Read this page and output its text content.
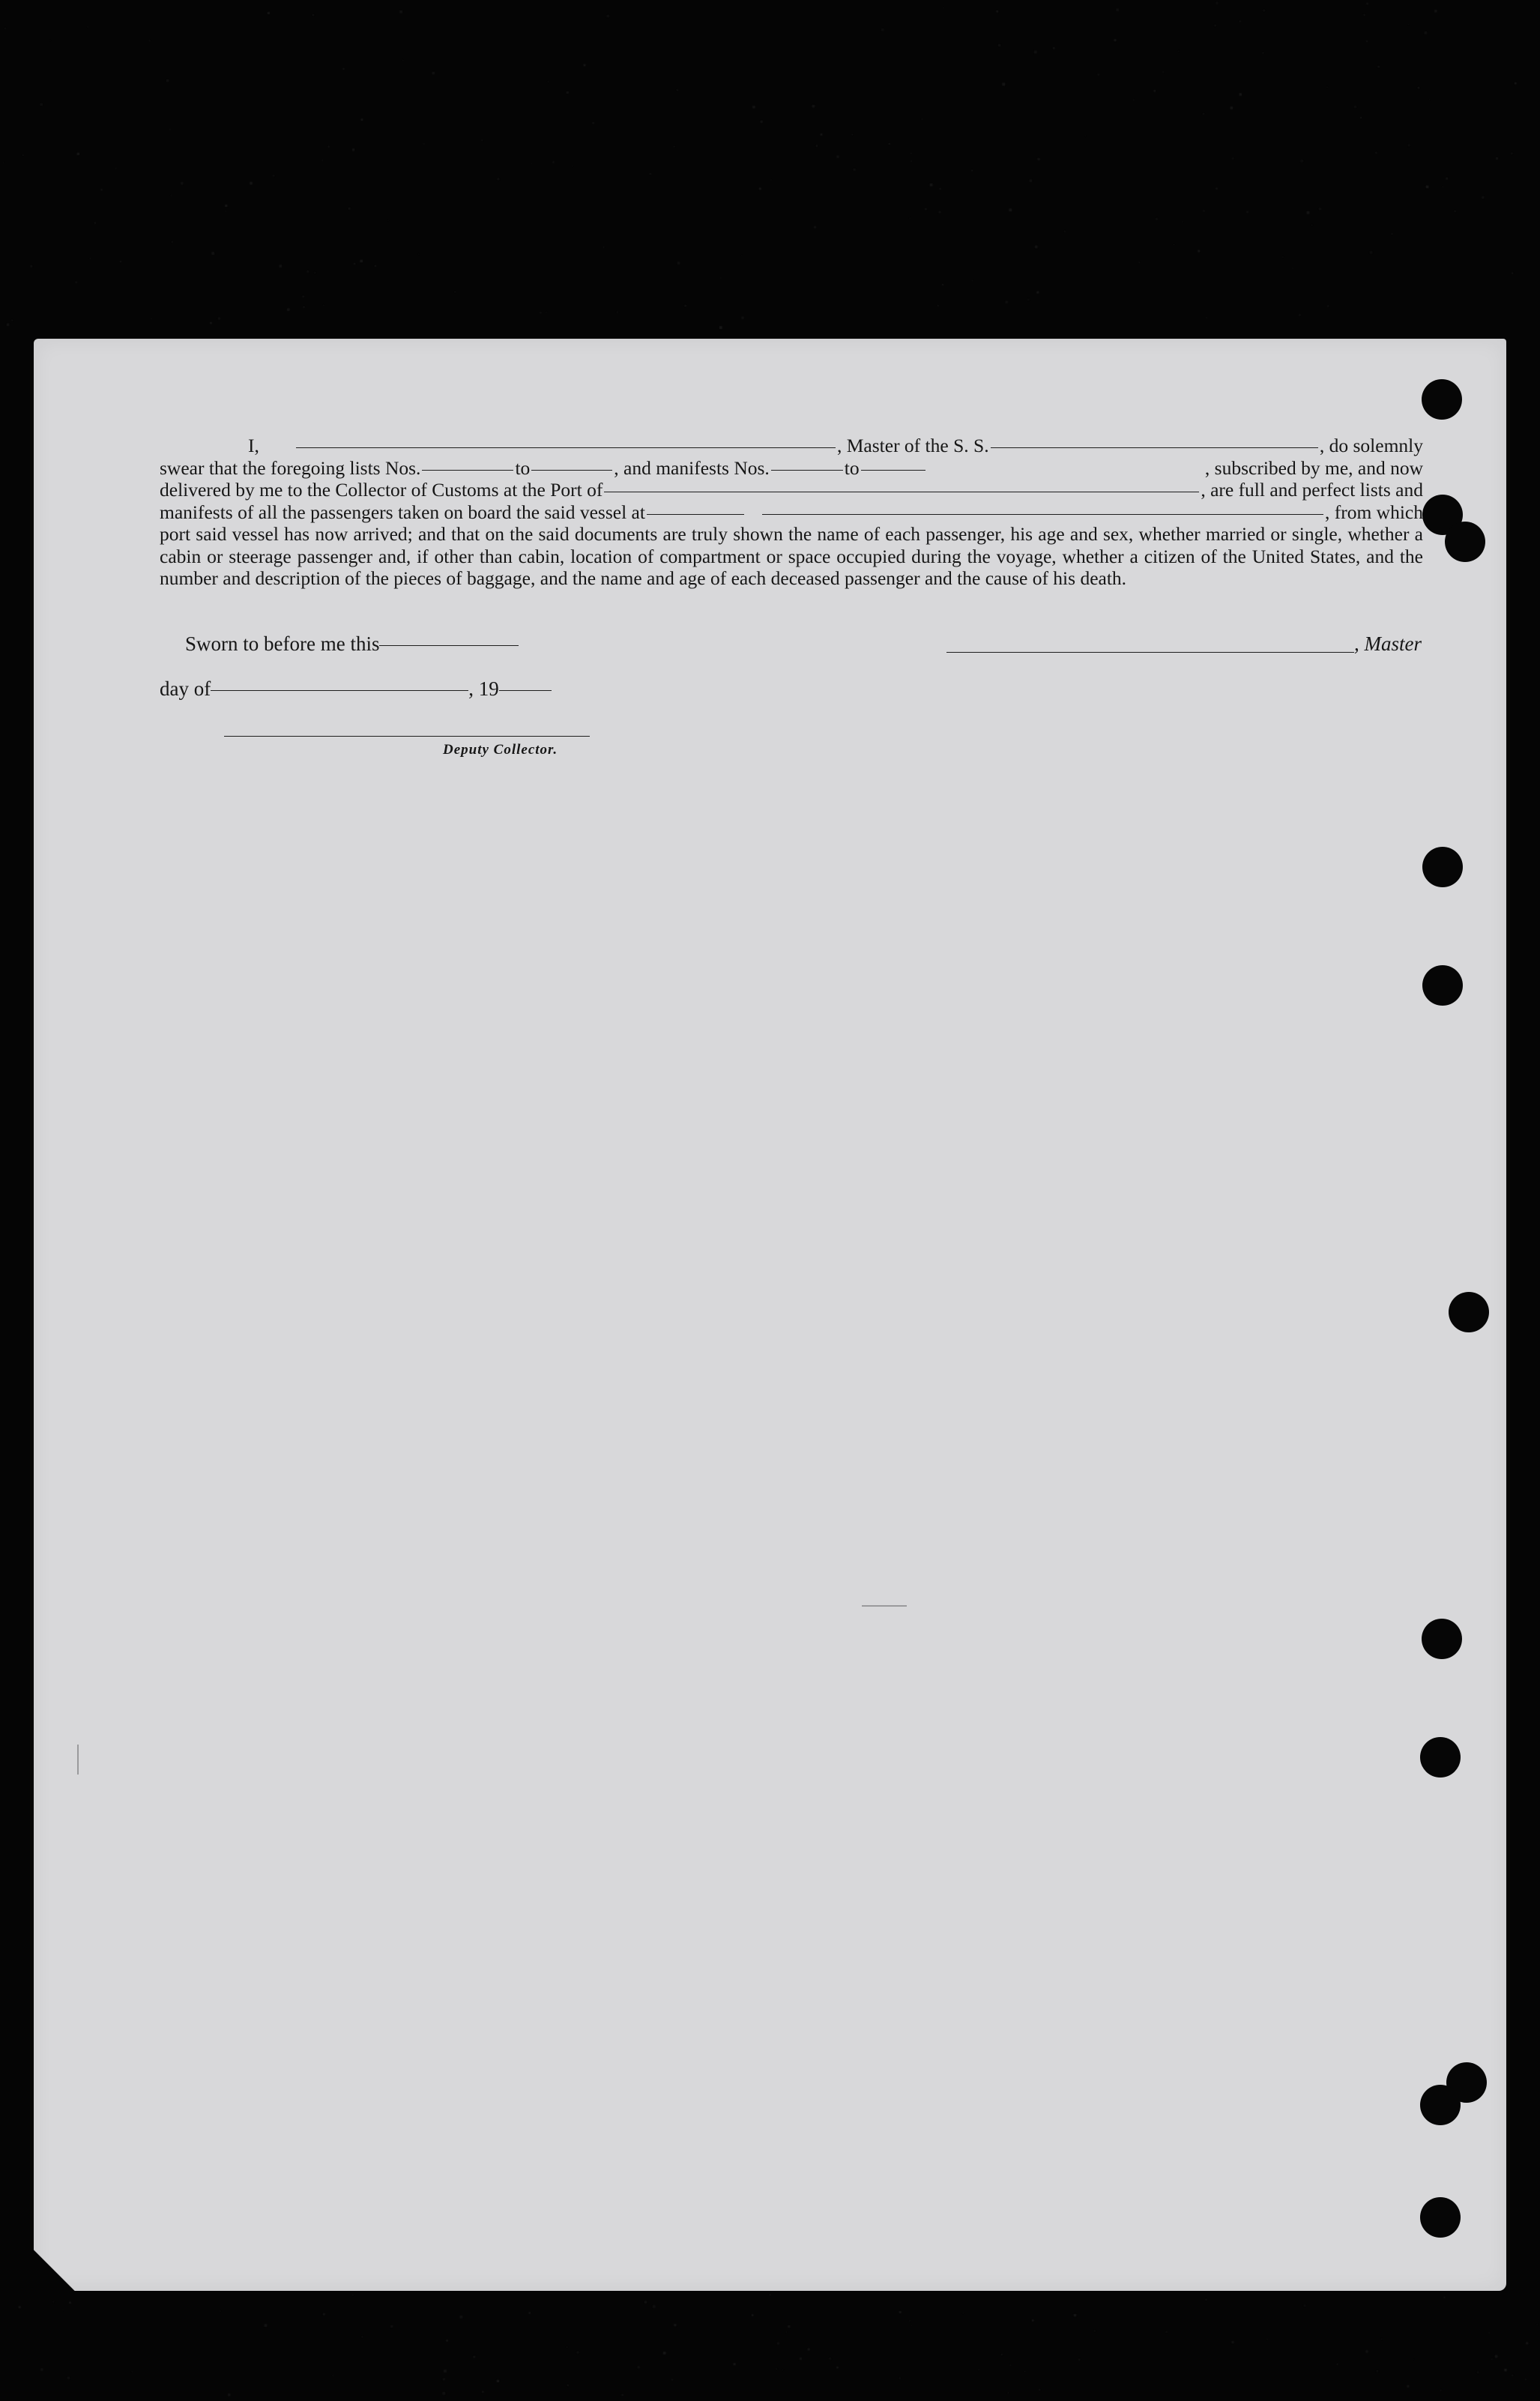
I,	, Master of the S. S.	, do solemnly
swear that the foregoing lists Nos.	to	, and manifests Nos.	to	, subscribed by me, and now
delivered by me to the Collector of Customs at the Port of	, are full and perfect lists and
manifests of all the passengers taken on board the said vessel at	, from which

port said vessel has now arrived; and that on the said documents are truly shown the name of each passenger, his age and sex, whether married or single, whether a cabin or steerage passenger and, if other than cabin, location of compartment or space occupied during the voyage, whether a citizen of the United States, and the number and description of the pieces of baggage, and the name and age of each deceased passenger and the cause of his death.

Sworn to before me this	, Master
day of	, 19
Deputy Collector.
